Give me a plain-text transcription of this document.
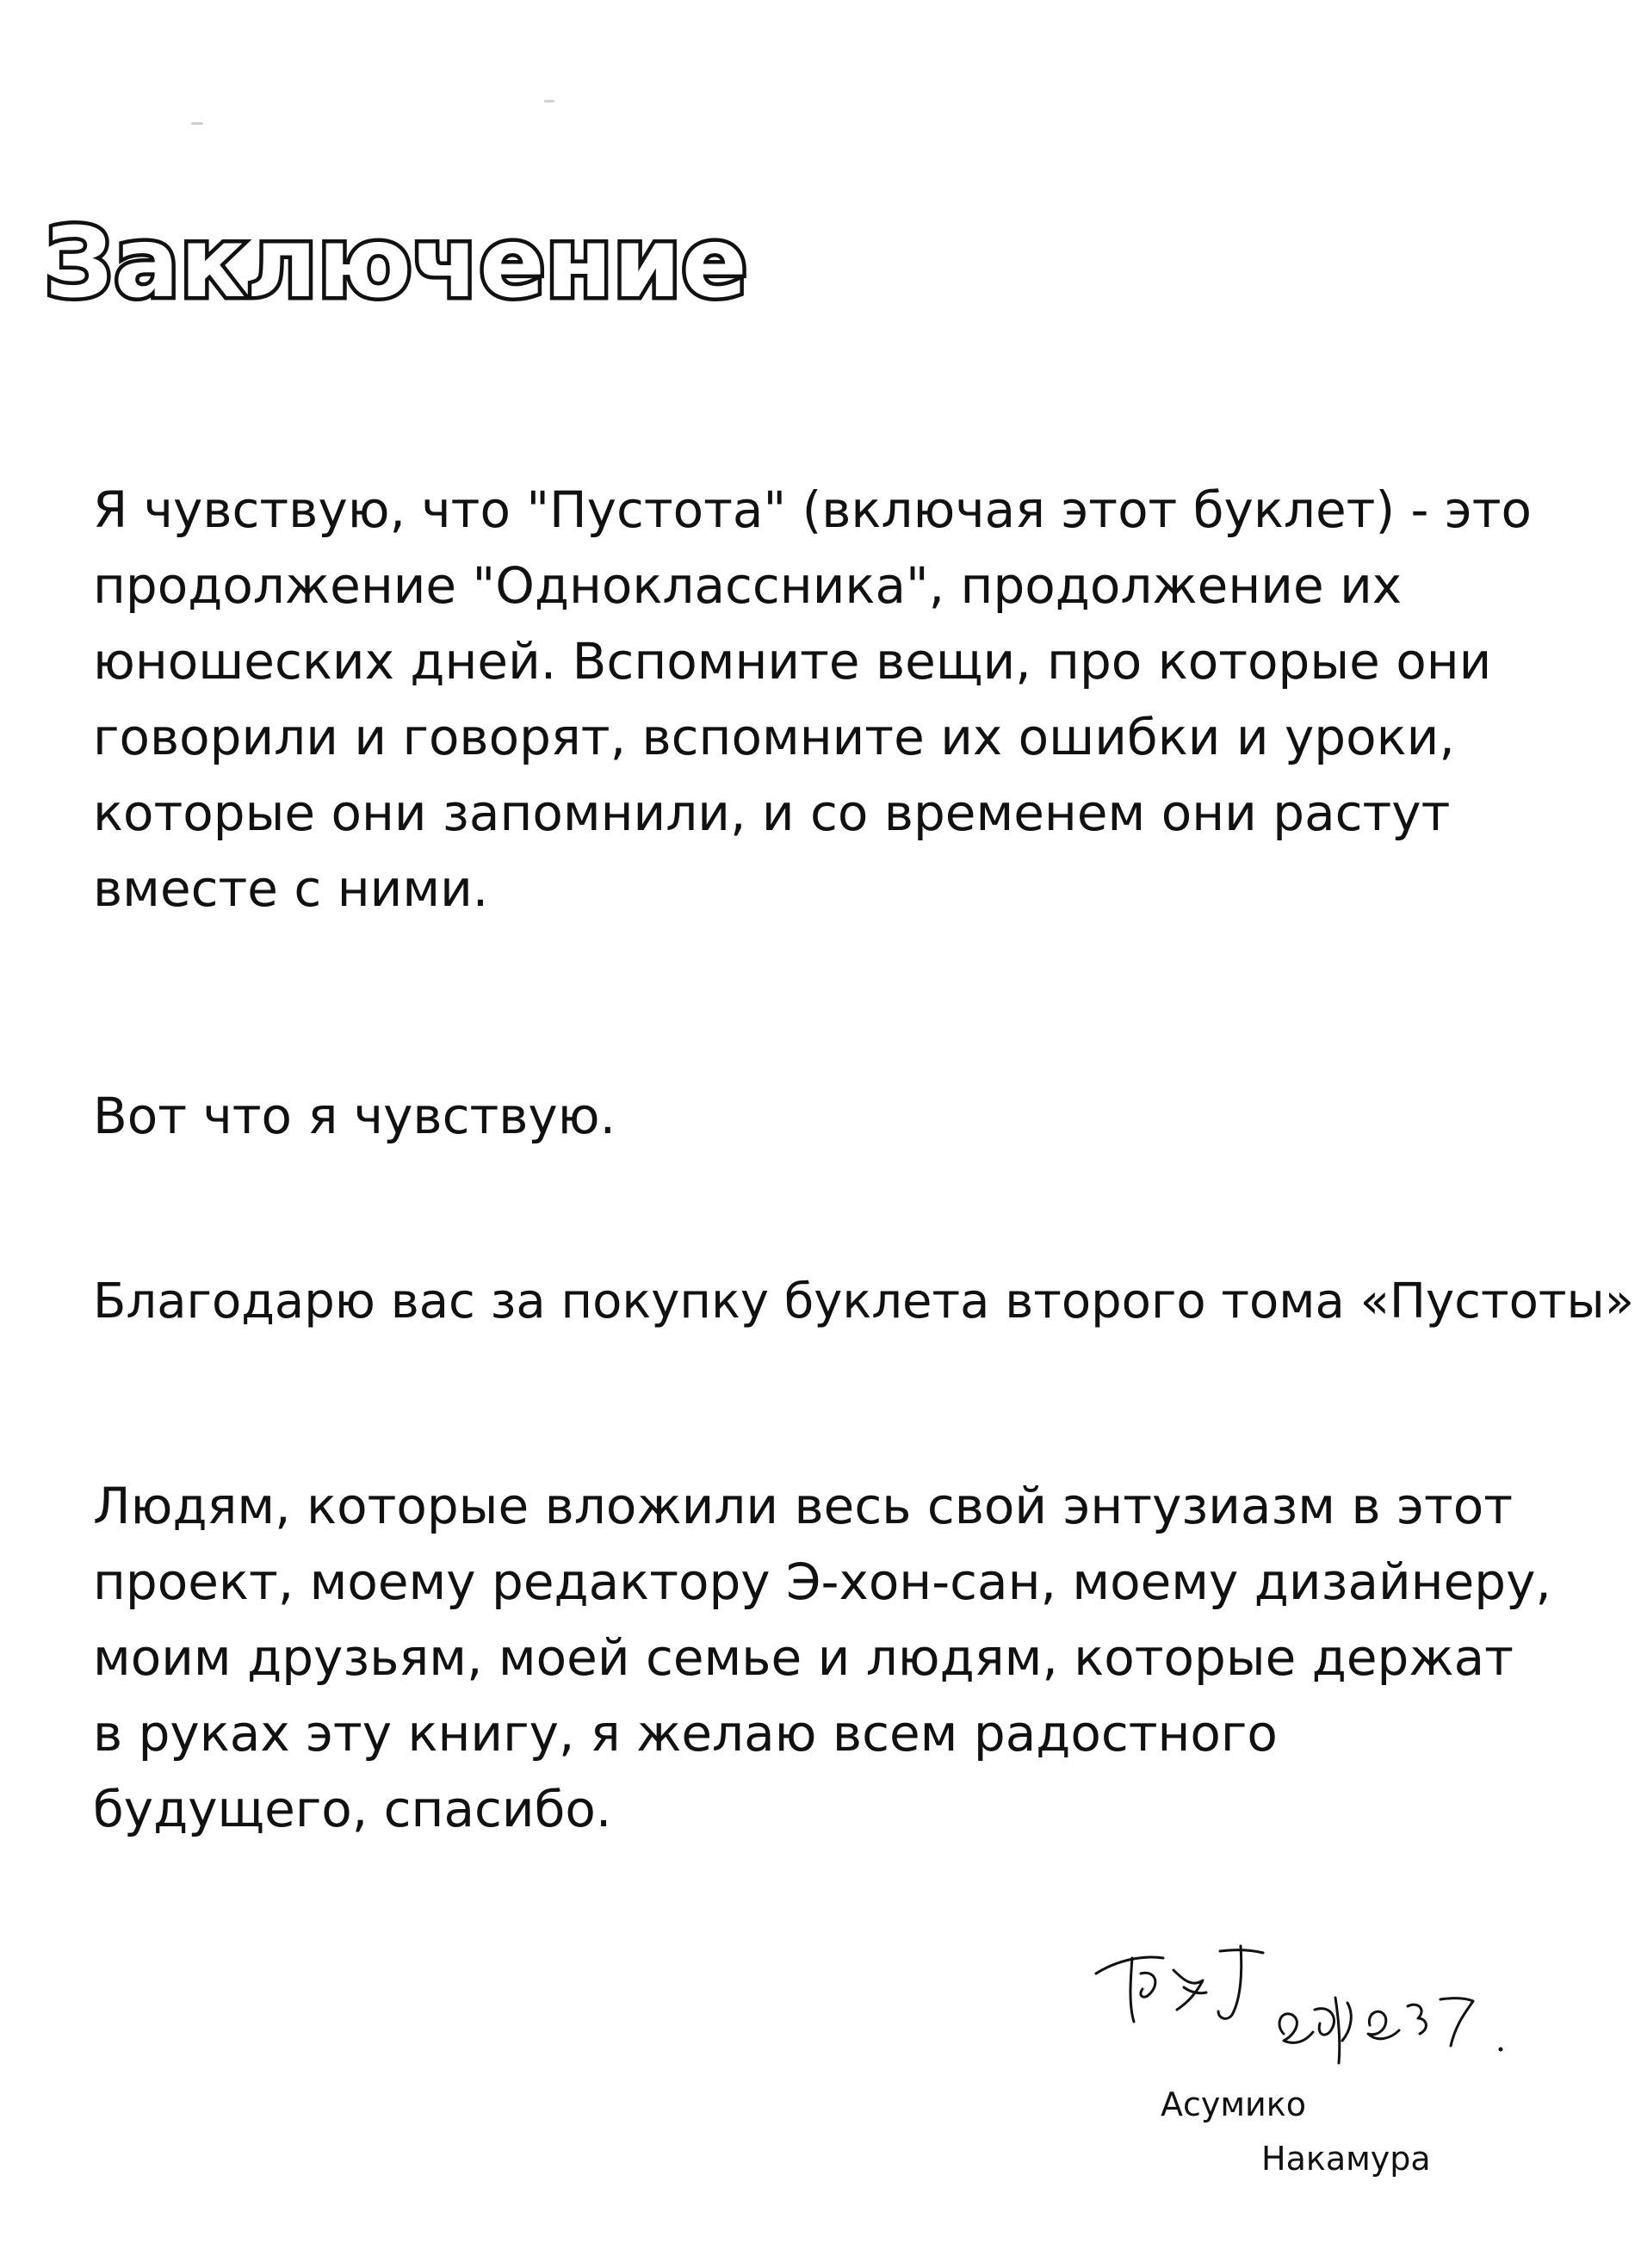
Заключение

Я чувствую, что "Пустота" (включая этот буклет) - это продолжение "Одноклассника", продолжение их юношеских дней. Вспомните вещи, про которые они говорили и говорят, вспомните их ошибки и уроки, которые они запомнили, и со временем они растут вместе с ними.

Вот что я чувствую.

Благодарю вас за покупку буклета второго тома «Пустоты»

Людям, которые вложили весь свой энтузиазм в этот проект, моему редактору Э-хон-сан, моему дизайнеру, моим друзьям, моей семье и людям, которые держат в руках эту книгу, я желаю всем радостного будущего, спасибо.

Асумико
Накамура
